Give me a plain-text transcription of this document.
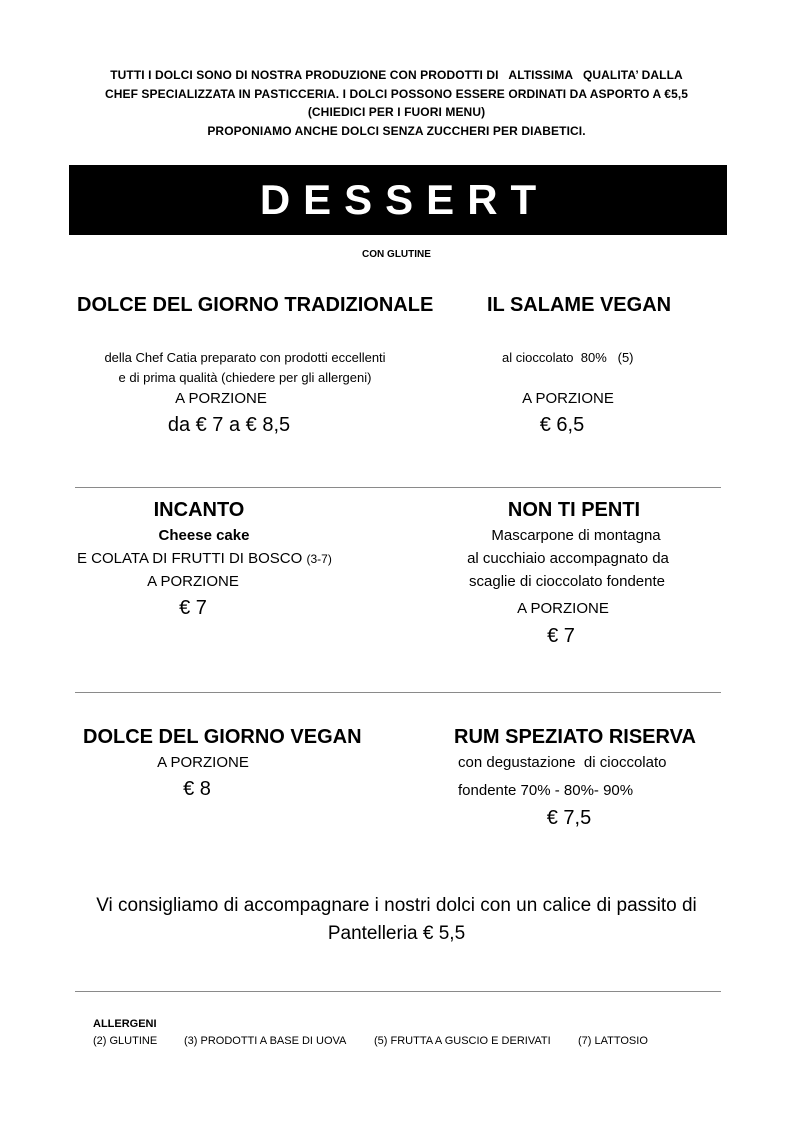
TUTTI I DOLCI SONO DI NOSTRA PRODUZIONE CON PRODOTTI DI   ALTISSIMA   QUALITA’ DALLA
CHEF SPECIALIZZATA IN PASTICCERIA. I DOLCI POSSONO ESSERE ORDINATI DA ASPORTO A €5,5
(CHIEDICI PER I FUORI MENU)
PROPONIAMO ANCHE DOLCI SENZA ZUCCHERI PER DIABETICI.
DESSERT
CON GLUTINE
DOLCE DEL GIORNO TRADIZIONALE
della Chef Catia preparato con prodotti eccellenti
e di prima qualità (chiedere per gli allergeni)
A PORZIONE
da € 7 a € 8,5
IL SALAME VEGAN
al cioccolato  80%   (5)
A PORZIONE
€ 6,5
INCANTO
Cheese cake
E COLATA DI FRUTTI DI BOSCO (3-7)
A PORZIONE
€ 7
NON TI PENTI
Mascarpone di montagna
al cucchiaio accompagnato da
scaglie di cioccolato fondente
A PORZIONE
€ 7
DOLCE DEL GIORNO VEGAN
A PORZIONE
€ 8
RUM SPEZIATO RISERVA
con degustazione  di cioccolato
fondente 70% - 80%- 90%
€ 7,5
Vi consigliamo di accompagnare i nostri dolci con un calice di passito di
Pantelleria € 5,5
ALLERGENI
(2) GLUTINE (3) PRODOTTI A BASE DI UOVA	(5) FRUTTA A GUSCIO E DERIVATI (7) LATTOSIO
